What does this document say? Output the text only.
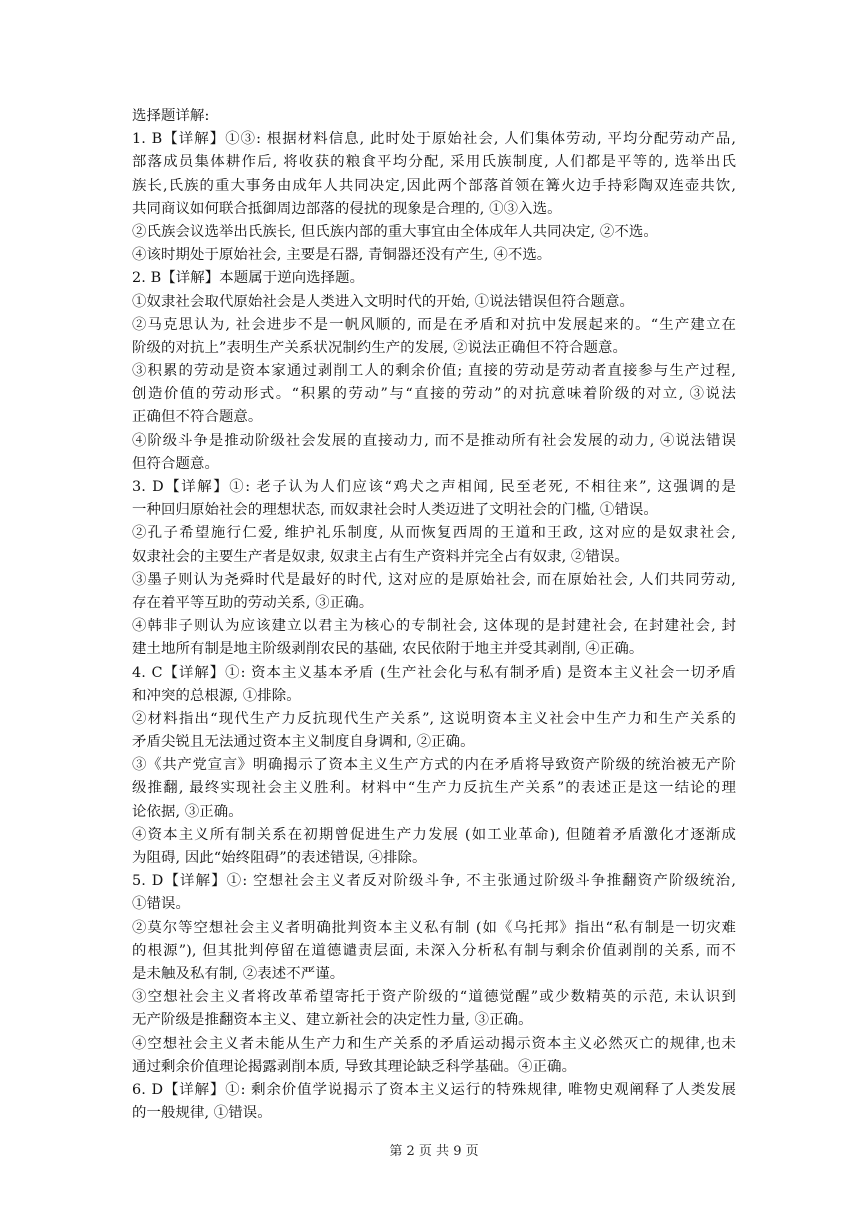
选择题详解:
1. B【详解】①③: 根据材料信息, 此时处于原始社会, 人们集体劳动, 平均分配劳动产品,
部落成员集体耕作后, 将收获的粮食平均分配, 采用氏族制度, 人们都是平等的, 选举出氏
族长,氏族的重大事务由成年人共同决定,因此两个部落首领在篝火边手持彩陶双连壶共饮,
共同商议如何联合抵御周边部落的侵扰的现象是合理的, ①③入选。
②氏族会议选举出氏族长, 但氏族内部的重大事宜由全体成年人共同决定, ②不选。
④该时期处于原始社会, 主要是石器, 青铜器还没有产生, ④不选。
2. B【详解】本题属于逆向选择题。
①奴隶社会取代原始社会是人类进入文明时代的开始, ①说法错误但符合题意。
②马克思认为, 社会进步不是一帆风顺的, 而是在矛盾和对抗中发展起来的。“生产建立在
阶级的对抗上”表明生产关系状况制约生产的发展, ②说法正确但不符合题意。
③积累的劳动是资本家通过剥削工人的剩余价值; 直接的劳动是劳动者直接参与生产过程,
创造价值的劳动形式。“积累的劳动”与“直接的劳动”的对抗意味着阶级的对立, ③说法
正确但不符合题意。
④阶级斗争是推动阶级社会发展的直接动力, 而不是推动所有社会发展的动力, ④说法错误
但符合题意。
3. D【详解】①: 老子认为人们应该“鸡犬之声相闻, 民至老死, 不相往来”, 这强调的是
一种回归原始社会的理想状态, 而奴隶社会时人类迈进了文明社会的门槛, ①错误。
②孔子希望施行仁爱, 维护礼乐制度, 从而恢复西周的王道和王政, 这对应的是奴隶社会,
奴隶社会的主要生产者是奴隶, 奴隶主占有生产资料并完全占有奴隶, ②错误。
③墨子则认为尧舜时代是最好的时代, 这对应的是原始社会, 而在原始社会, 人们共同劳动,
存在着平等互助的劳动关系, ③正确。
④韩非子则认为应该建立以君主为核心的专制社会, 这体现的是封建社会, 在封建社会, 封
建土地所有制是地主阶级剥削农民的基础, 农民依附于地主并受其剥削, ④正确。
4. C【详解】①: 资本主义基本矛盾 (生产社会化与私有制矛盾) 是资本主义社会一切矛盾
和冲突的总根源, ①排除。
②材料指出“现代生产力反抗现代生产关系”, 这说明资本主义社会中生产力和生产关系的
矛盾尖锐且无法通过资本主义制度自身调和, ②正确。
③《共产党宣言》明确揭示了资本主义生产方式的内在矛盾将导致资产阶级的统治被无产阶
级推翻, 最终实现社会主义胜利。材料中“生产力反抗生产关系”的表述正是这一结论的理
论依据, ③正确。
④资本主义所有制关系在初期曾促进生产力发展 (如工业革命), 但随着矛盾激化才逐渐成
为阻碍, 因此“始终阻碍”的表述错误, ④排除。
5. D【详解】①: 空想社会主义者反对阶级斗争, 不主张通过阶级斗争推翻资产阶级统治,
①错误。
②莫尔等空想社会主义者明确批判资本主义私有制 (如《乌托邦》指出“私有制是一切灾难
的根源”), 但其批判停留在道德谴责层面, 未深入分析私有制与剩余价值剥削的关系, 而不
是未触及私有制, ②表述不严谨。
③空想社会主义者将改革希望寄托于资产阶级的“道德觉醒”或少数精英的示范, 未认识到
无产阶级是推翻资本主义、建立新社会的决定性力量, ③正确。
④空想社会主义者未能从生产力和生产关系的矛盾运动揭示资本主义必然灭亡的规律,也未
通过剩余价值理论揭露剥削本质, 导致其理论缺乏科学基础。④正确。
6. D【详解】①: 剩余价值学说揭示了资本主义运行的特殊规律, 唯物史观阐释了人类发展
的一般规律, ①错误。
第 2 页 共 9 页
